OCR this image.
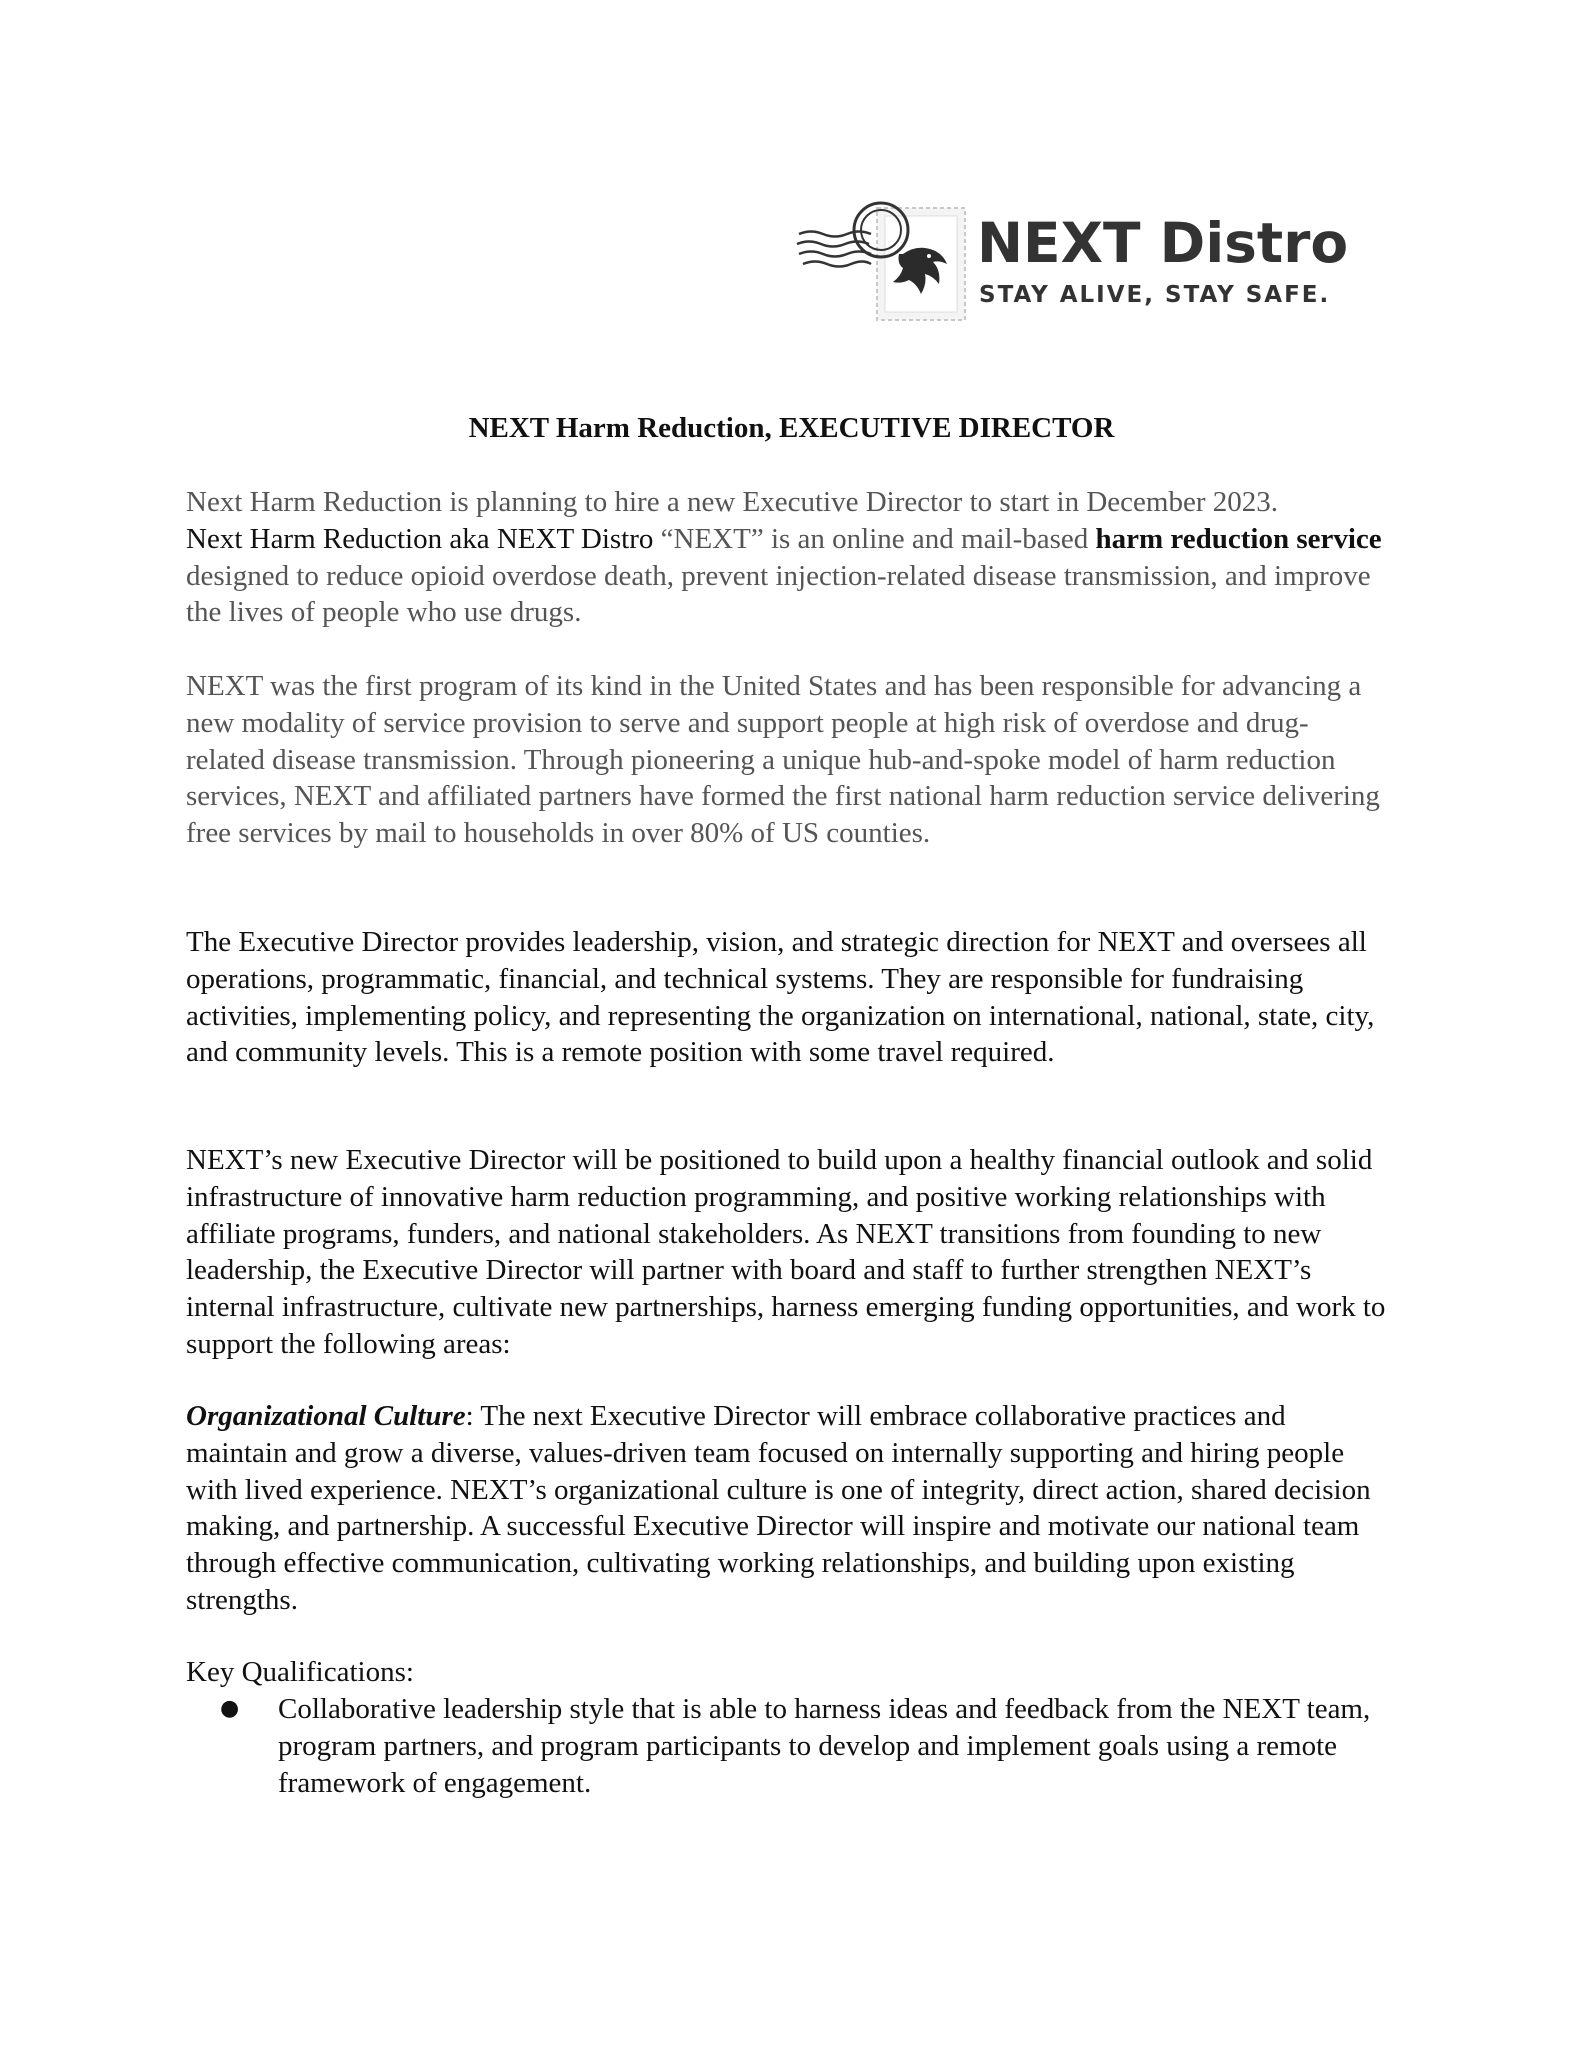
NEXT Distro
STAY ALIVE, STAY SAFE.
NEXT Harm Reduction, EXECUTIVE DIRECTOR

Next Harm Reduction is planning to hire a new Executive Director to start in December 2023.
Next Harm Reduction aka NEXT Distro “NEXT” is an online and mail-based harm reduction service designed to reduce opioid overdose death, prevent injection-related disease transmission, and improve the lives of people who use drugs.

NEXT was the first program of its kind in the United States and has been responsible for advancing a new modality of service provision to serve and support people at high risk of overdose and drug-related disease transmission. Through pioneering a unique hub-and-spoke model of harm reduction services, NEXT and affiliated partners have formed the first national harm reduction service delivering free services by mail to households in over 80% of US counties.

The Executive Director provides leadership, vision, and strategic direction for NEXT and oversees all operations, programmatic, financial, and technical systems. They are responsible for fundraising activities, implementing policy, and representing the organization on international, national, state, city, and community levels. This is a remote position with some travel required.

NEXT’s new Executive Director will be positioned to build upon a healthy financial outlook and solid infrastructure of innovative harm reduction programming, and positive working relationships with affiliate programs, funders, and national stakeholders. As NEXT transitions from founding to new leadership, the Executive Director will partner with board and staff to further strengthen NEXT’s internal infrastructure, cultivate new partnerships, harness emerging funding opportunities, and work to support the following areas:

Organizational Culture: The next Executive Director will embrace collaborative practices and maintain and grow a diverse, values-driven team focused on internally supporting and hiring people with lived experience. NEXT’s organizational culture is one of integrity, direct action, shared decision making, and partnership. A successful Executive Director will inspire and motivate our national team through effective communication, cultivating working relationships, and building upon existing strengths.

Key Qualifications:

● Collaborative leadership style that is able to harness ideas and feedback from the NEXT team, program partners, and program participants to develop and implement goals using a remote framework of engagement.
